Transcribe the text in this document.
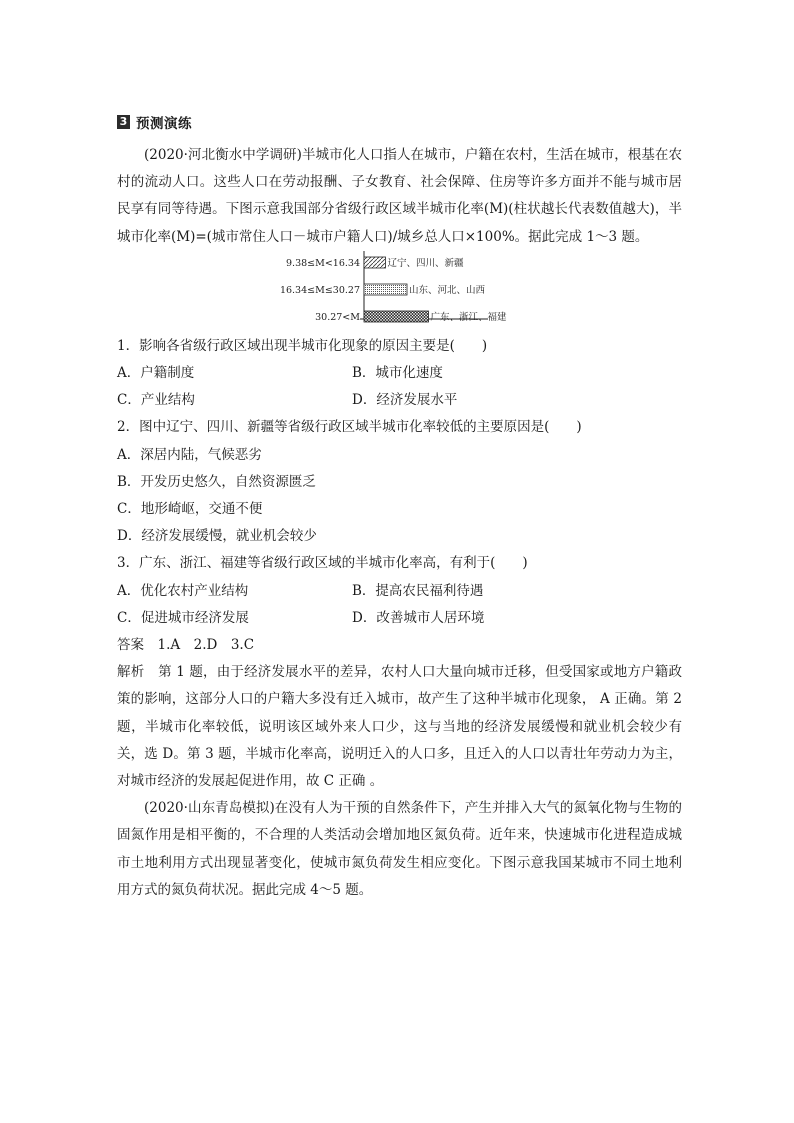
3 预测演练

(2020·河北衡水中学调研)半城市化人口指人在城市，户籍在农村，生活在城市，根基在农村的流动人口。这些人口在劳动报酬、子女教育、社会保障、住房等许多方面并不能与城市居民享有同等待遇。下图示意我国部分省级行政区域半城市化率(M)(柱状越长代表数值越大)，半城市化率(M)=(城市常住人口－城市户籍人口)/城乡总人口×100%。据此完成 1～3 题。

9.38≤M<16.34	辽宁、四川、新疆
16.34≤M≤30.27	山东、河北、山西
30.27<M	广东、浙江、福建
1．影响各省级行政区域出现半城市化现象的原因主要是(　　)
A．户籍制度	B．城市化速度
C．产业结构	D．经济发展水平
2．图中辽宁、四川、新疆等省级行政区域半城市化率较低的主要原因是(　　)
A．深居内陆，气候恶劣
B．开发历史悠久，自然资源匮乏
C．地形崎岖，交通不便
D．经济发展缓慢，就业机会较少
3．广东、浙江、福建等省级行政区域的半城市化率高，有利于(　　)
A．优化农村产业结构	B．提高农民福利待遇
C．促进城市经济发展	D．改善城市人居环境
答案　1.A　2.D　3.C

解析　第 1 题，由于经济发展水平的差异，农村人口大量向城市迁移，但受国家或地方户籍政策的影响，这部分人口的户籍大多没有迁入城市，故产生了这种半城市化现象， A 正确。第 2 题，半城市化率较低，说明该区域外来人口少，这与当地的经济发展缓慢和就业机会较少有关，选 D。第 3 题，半城市化率高，说明迁入的人口多，且迁入的人口以青壮年劳动力为主，对城市经济的发展起促进作用，故 C 正确 。

(2020·山东青岛模拟)在没有人为干预的自然条件下，产生并排入大气的氮氧化物与生物的固氮作用是相平衡的，不合理的人类活动会增加地区氮负荷。近年来，快速城市化进程造成城市土地利用方式出现显著变化，使城市氮负荷发生相应变化。下图示意我国某城市不同土地利用方式的氮负荷状况。据此完成 4～5 题。
